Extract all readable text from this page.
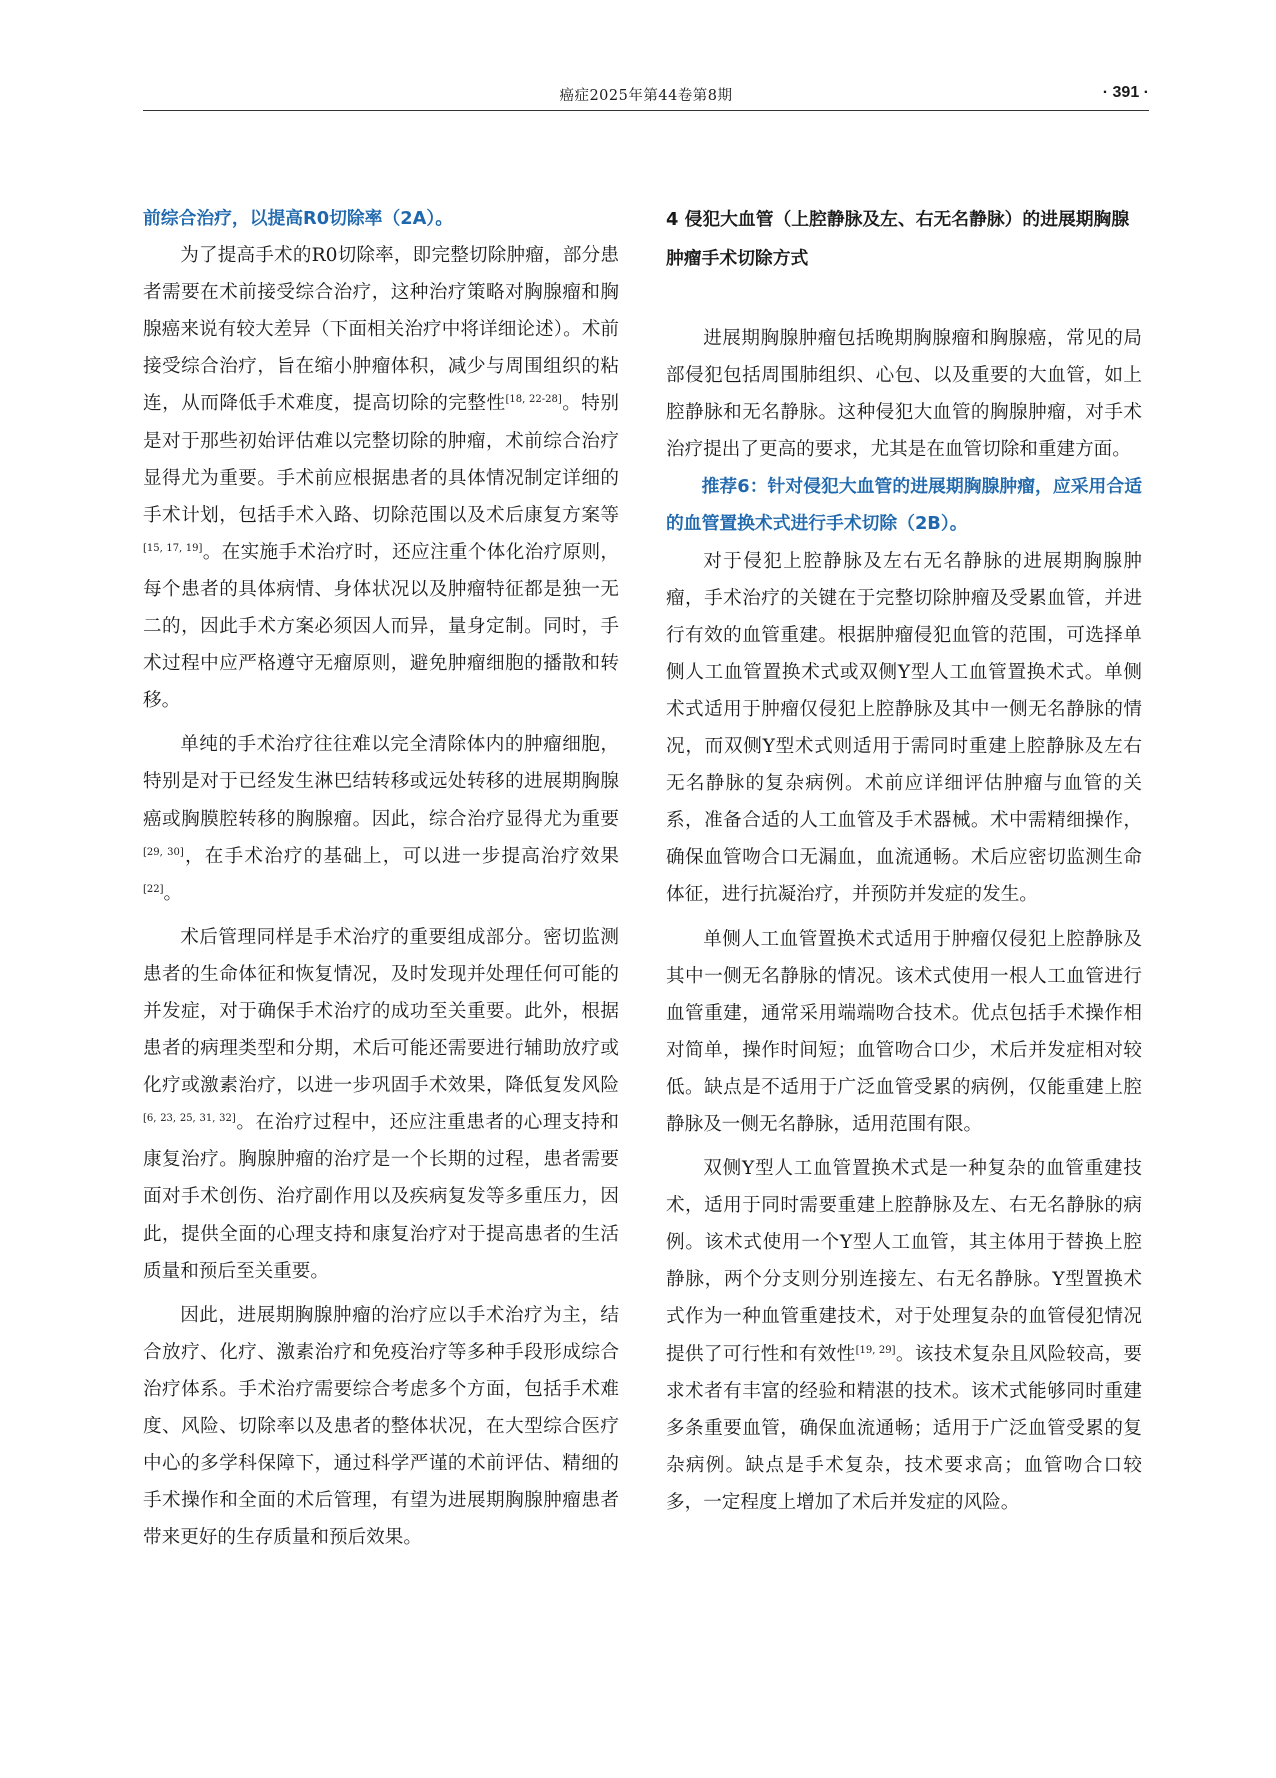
癌症2025年第44卷第8期	· 391 ·

前综合治疗，以提高R0切除率（2A）。

为了提高手术的R0切除率，即完整切除肿瘤，部分患者需要在术前接受综合治疗，这种治疗策略对胸腺瘤和胸腺癌来说有较大差异（下面相关治疗中将详细论述）。术前接受综合治疗，旨在缩小肿瘤体积，减少与周围组织的粘连，从而降低手术难度，提高切除的完整性[18, 22-28]。特别是对于那些初始评估难以完整切除的肿瘤，术前综合治疗显得尤为重要。手术前应根据患者的具体情况制定详细的手术计划，包括手术入路、切除范围以及术后康复方案等[15, 17, 19]。在实施手术治疗时，还应注重个体化治疗原则，每个患者的具体病情、身体状况以及肿瘤特征都是独一无二的，因此手术方案必须因人而异，量身定制。同时，手术过程中应严格遵守无瘤原则，避免肿瘤细胞的播散和转移。

单纯的手术治疗往往难以完全清除体内的肿瘤细胞，特别是对于已经发生淋巴结转移或远处转移的进展期胸腺癌或胸膜腔转移的胸腺瘤。因此，综合治疗显得尤为重要[29, 30]，在手术治疗的基础上，可以进一步提高治疗效果[22]。

术后管理同样是手术治疗的重要组成部分。密切监测患者的生命体征和恢复情况，及时发现并处理任何可能的并发症，对于确保手术治疗的成功至关重要。此外，根据患者的病理类型和分期，术后可能还需要进行辅助放疗或化疗或激素治疗，以进一步巩固手术效果，降低复发风险[6, 23, 25, 31, 32]。在治疗过程中，还应注重患者的心理支持和康复治疗。胸腺肿瘤的治疗是一个长期的过程，患者需要面对手术创伤、治疗副作用以及疾病复发等多重压力，因此，提供全面的心理支持和康复治疗对于提高患者的生活质量和预后至关重要。

因此，进展期胸腺肿瘤的治疗应以手术治疗为主，结合放疗、化疗、激素治疗和免疫治疗等多种手段形成综合治疗体系。手术治疗需要综合考虑多个方面，包括手术难度、风险、切除率以及患者的整体状况，在大型综合医疗中心的多学科保障下，通过科学严谨的术前评估、精细的手术操作和全面的术后管理，有望为进展期胸腺肿瘤患者带来更好的生存质量和预后效果。

4 侵犯大血管（上腔静脉及左、右无名静脉）的进展期胸腺肿瘤手术切除方式

进展期胸腺肿瘤包括晚期胸腺瘤和胸腺癌，常见的局部侵犯包括周围肺组织、心包、以及重要的大血管，如上腔静脉和无名静脉。这种侵犯大血管的胸腺肿瘤，对手术治疗提出了更高的要求，尤其是在血管切除和重建方面。

推荐6：针对侵犯大血管的进展期胸腺肿瘤，应采用合适的血管置换术式进行手术切除（2B）。

对于侵犯上腔静脉及左右无名静脉的进展期胸腺肿瘤，手术治疗的关键在于完整切除肿瘤及受累血管，并进行有效的血管重建。根据肿瘤侵犯血管的范围，可选择单侧人工血管置换术式或双侧Y型人工血管置换术式。单侧术式适用于肿瘤仅侵犯上腔静脉及其中一侧无名静脉的情况，而双侧Y型术式则适用于需同时重建上腔静脉及左右无名静脉的复杂病例。术前应详细评估肿瘤与血管的关系，准备合适的人工血管及手术器械。术中需精细操作，确保血管吻合口无漏血，血流通畅。术后应密切监测生命体征，进行抗凝治疗，并预防并发症的发生。

单侧人工血管置换术式适用于肿瘤仅侵犯上腔静脉及其中一侧无名静脉的情况。该术式使用一根人工血管进行血管重建，通常采用端端吻合技术。优点包括手术操作相对简单，操作时间短；血管吻合口少，术后并发症相对较低。缺点是不适用于广泛血管受累的病例，仅能重建上腔静脉及一侧无名静脉，适用范围有限。

双侧Y型人工血管置换术式是一种复杂的血管重建技术，适用于同时需要重建上腔静脉及左、右无名静脉的病例。该术式使用一个Y型人工血管，其主体用于替换上腔静脉，两个分支则分别连接左、右无名静脉。Y型置换术式作为一种血管重建技术，对于处理复杂的血管侵犯情况提供了可行性和有效性[19, 29]。该技术复杂且风险较高，要求术者有丰富的经验和精湛的技术。该术式能够同时重建多条重要血管，确保血流通畅；适用于广泛血管受累的复杂病例。缺点是手术复杂，技术要求高；血管吻合口较多，一定程度上增加了术后并发症的风险。
